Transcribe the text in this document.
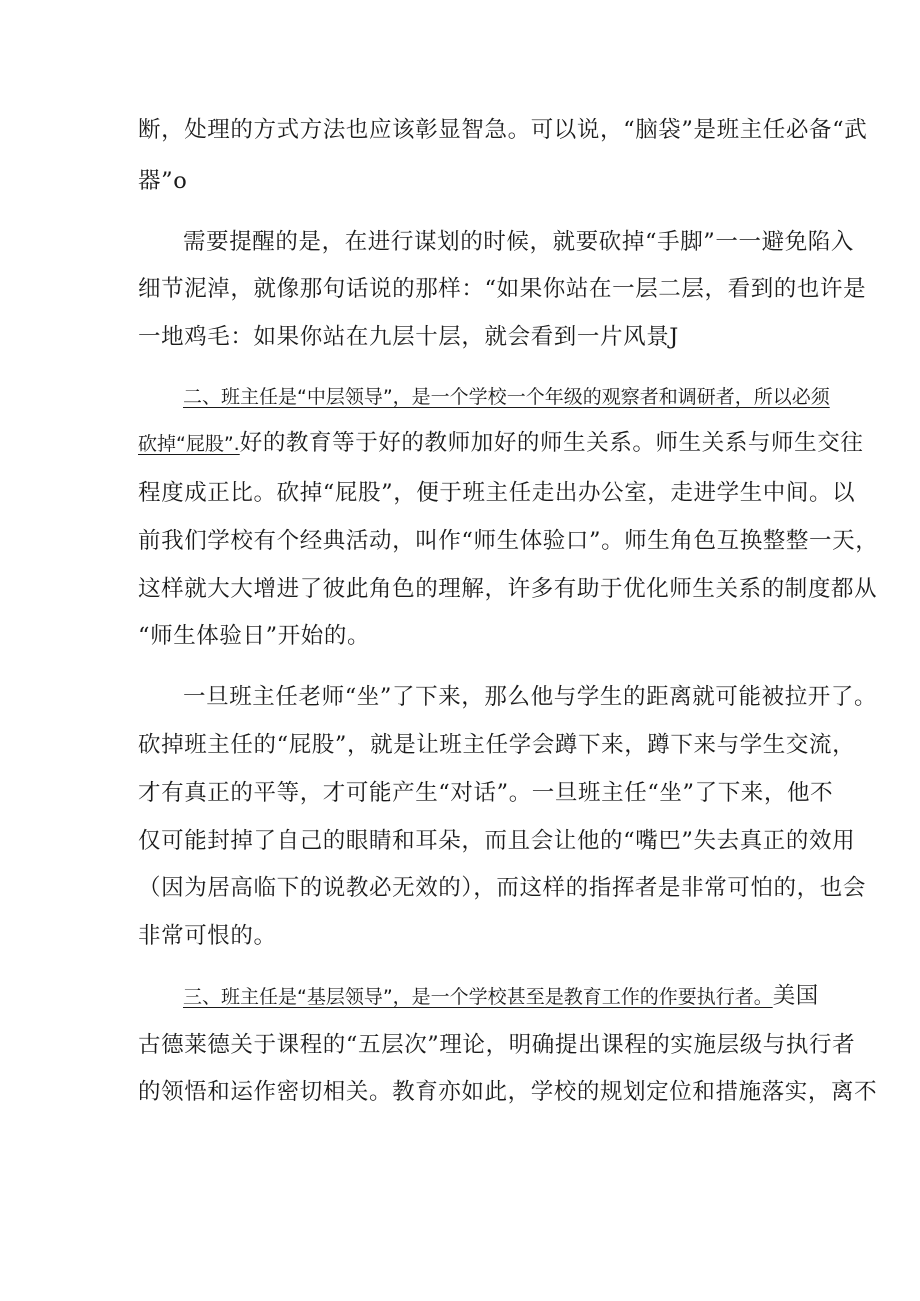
断，处理的方式方法也应该彰显智急。可以说，“脑袋”是班主任必备“武
器”o
需要提醒的是，在进行谋划的时候，就要砍掉“手脚”一一避免陷入
细节泥淖，就像那句话说的那样：“如果你站在一层二层，看到的也许是
一地鸡毛：如果你站在九层十层，就会看到一片风景J
二、班主任是“中层领导”，是一个学校一个年级的观察者和调研者，所以必须
砍掉“屁股”.好的教育等于好的教师加好的师生关系。师生关系与师生交往
程度成正比。砍掉“屁股”，便于班主任走出办公室，走进学生中间。以
前我们学校有个经典活动，叫作“师生体验口”。师生角色互换整整一天，
这样就大大增进了彼此角色的理解，许多有助于优化师生关系的制度都从
“师生体验日”开始的。
一旦班主任老师“坐”了下来，那么他与学生的距离就可能被拉开了。
砍掉班主任的“屁股”，就是让班主任学会蹲下来，蹲下来与学生交流，
才有真正的平等，才可能产生“对话”。一旦班主任“坐”了下来，他不
仅可能封掉了自己的眼睛和耳朵，而且会让他的“嘴巴”失去真正的效用
（因为居高临下的说教必无效的），而这样的指挥者是非常可怕的，也会
非常可恨的。
三、班主任是“基层领导”，是一个学校甚至是教育工作的作要执行者。美国
古德莱德关于课程的“五层次”理论，明确提出课程的实施层级与执行者
的领悟和运作密切相关。教育亦如此，学校的规划定位和措施落实，离不
